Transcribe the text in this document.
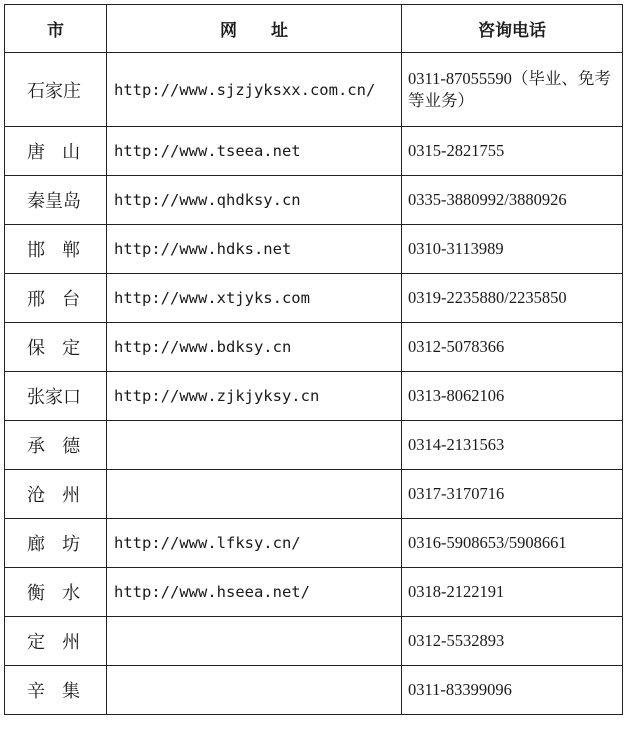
市	网址	咨询电话
石家庄	http://www.sjzjyksxx.com.cn/	0311-87055590（毕业、免考等业务）
唐山	http://www.tseea.net	0315-2821755
秦皇岛	http://www.qhdksy.cn	0335-3880992/3880926
邯郸	http://www.hdks.net	0310-3113989
邢台	http://www.xtjyks.com	0319-2235880/2235850
保定	http://www.bdksy.cn	0312-5078366
张家口	http://www.zjkjyksy.cn	0313-8062106
承德		0314-2131563
沧州		0317-3170716
廊坊	http://www.lfksy.cn/	0316-5908653/5908661
衡水	http://www.hseea.net/	0318-2122191
定州		0312-5532893
辛集		0311-83399096
